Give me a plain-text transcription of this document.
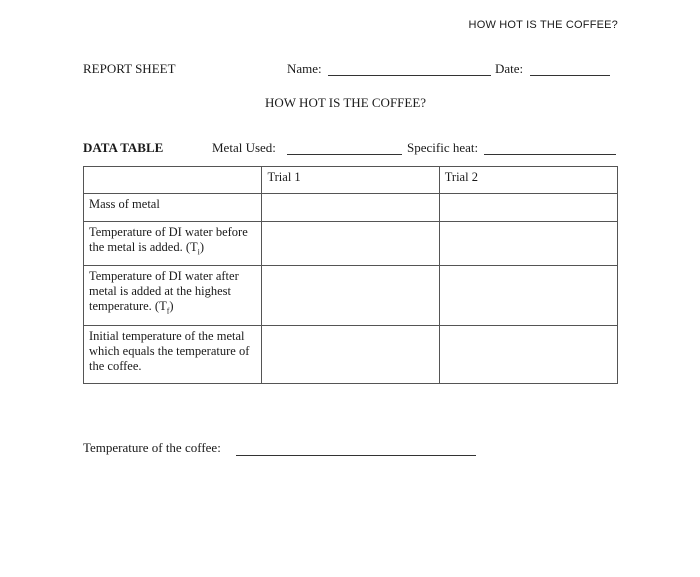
HOW HOT IS THE COFFEE?
REPORT SHEET	Name:	Date:
HOW HOT IS THE COFFEE?
DATA TABLE	Metal Used:	Specific heat:
	Trial 1	Trial 2
Mass of metal		
Temperature of DI water before the metal is added. $(T_i)$		
Temperature of DI water after metal is added at the highest temperature. $(T_f)$		
Initial temperature of the metal which equals the temperature of the coffee.		
Temperature of the coffee:
